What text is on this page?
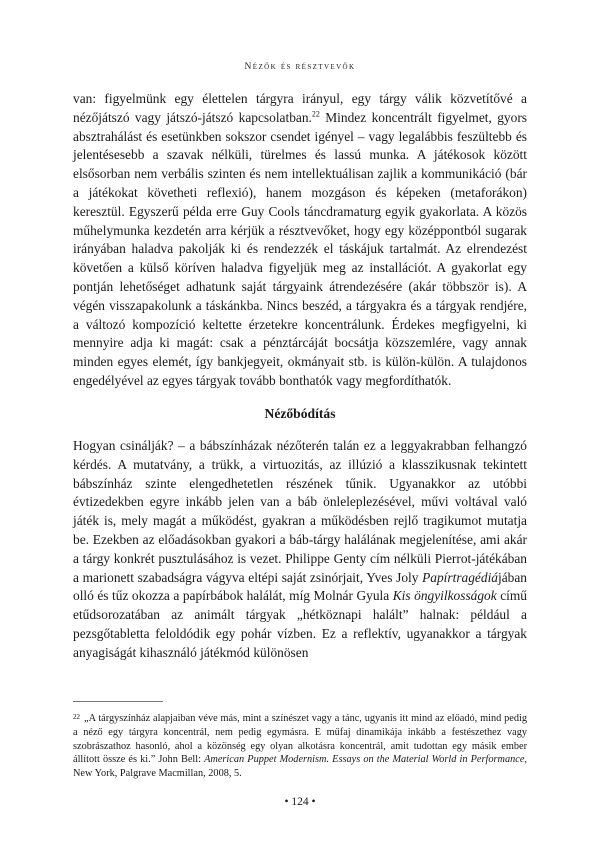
Nézők és résztvevők

van: figyelmünk egy élettelen tárgyra irányul, egy tárgy válik közvetítővé a nézőjátszó vagy játszó-játszó kapcsolatban.$^{22}$ Mindez koncentrált figyelmet, gyors absztrahálást és esetünkben sokszor csendet igényel – vagy legalábbis feszültebb és jelentésesebb a szavak nélküli, türelmes és lassú munka. A játékosok között elsősorban nem verbális szinten és nem intellektuálisan zajlik a kommunikáció (bár a játékokat követheti reflexió), hanem mozgáson és képeken (metaforákon) keresztül. Egyszerű példa erre Guy Cools táncdramaturg egyik gyakorlata. A közös műhelymunka kezdetén arra kérjük a résztvevőket, hogy egy középpontból sugarak irányában haladva pakolják ki és rendezzék el táskájuk tartalmát. Az elrendezést követően a külső köríven haladva figyeljük meg az installációt. A gyakorlat egy pontján lehetőséget adhatunk saját tárgyaink átrendezésére (akár többször is). A végén visszapakolunk a táskánkba. Nincs beszéd, a tárgyakra és a tárgyak rendjére, a változó kompozíció keltette érzetekre koncentrálunk. Érdekes megfigyelni, ki mennyire adja ki magát: csak a pénztárcáját bocsátja közszemlére, vagy annak minden egyes elemét, így bankjegyeit, okmányait stb. is külön-külön. A tulajdonos engedélyével az egyes tárgyak tovább bonthatók vagy megfordíthatók.

Nézőbódítás

Hogyan csinálják? – a bábszínházak nézőterén talán ez a leggyakrabban felhangzó kérdés. A mutatvány, a trükk, a virtuozitás, az illúzió a klasszikusnak tekintett bábszínház szinte elengedhetetlen részének tűnik. Ugyanakkor az utóbbi évtizedekben egyre inkább jelen van a báb önleleplezésével, művi voltával való játék is, mely magát a működést, gyakran a működésben rejlő tragikumot mutatja be. Ezekben az előadásokban gyakori a báb-tárgy halálának megjelenítése, ami akár a tárgy konkrét pusztulásához is vezet. Philippe Genty cím nélküli Pierrot-játékában a marionett szabadságra vágyva eltépi saját zsinórjait, Yves Joly Papírtragédiájában olló és tűz okozza a papírbábok halálát, míg Molnár Gyula Kis öngyilkosságok című etűdsorozatában az animált tárgyak „hétköznapi halált” halnak: például a pezsgőtabletta feloldódik egy pohár vízben. Ez a reflektív, ugyanakkor a tárgyak anyagiságát kihasználó játékmód különösen

$^{22}$ „A tárgyszínház alapjaiban véve más, mint a színészet vagy a tánc, ugyanis itt mind az előadó, mind pedig a néző egy tárgyra koncentrál, nem pedig egymásra. E műfaj dinamikája inkább a festészethez vagy szobrászathoz hasonló, ahol a közönség egy olyan alkotásra koncentrál, amit tudottan egy másik ember állított össze és ki.” John Bell: American Puppet Modernism. Essays on the Material World in Performance, New York, Palgrave Macmillan, 2008, 5.
• 124 •
